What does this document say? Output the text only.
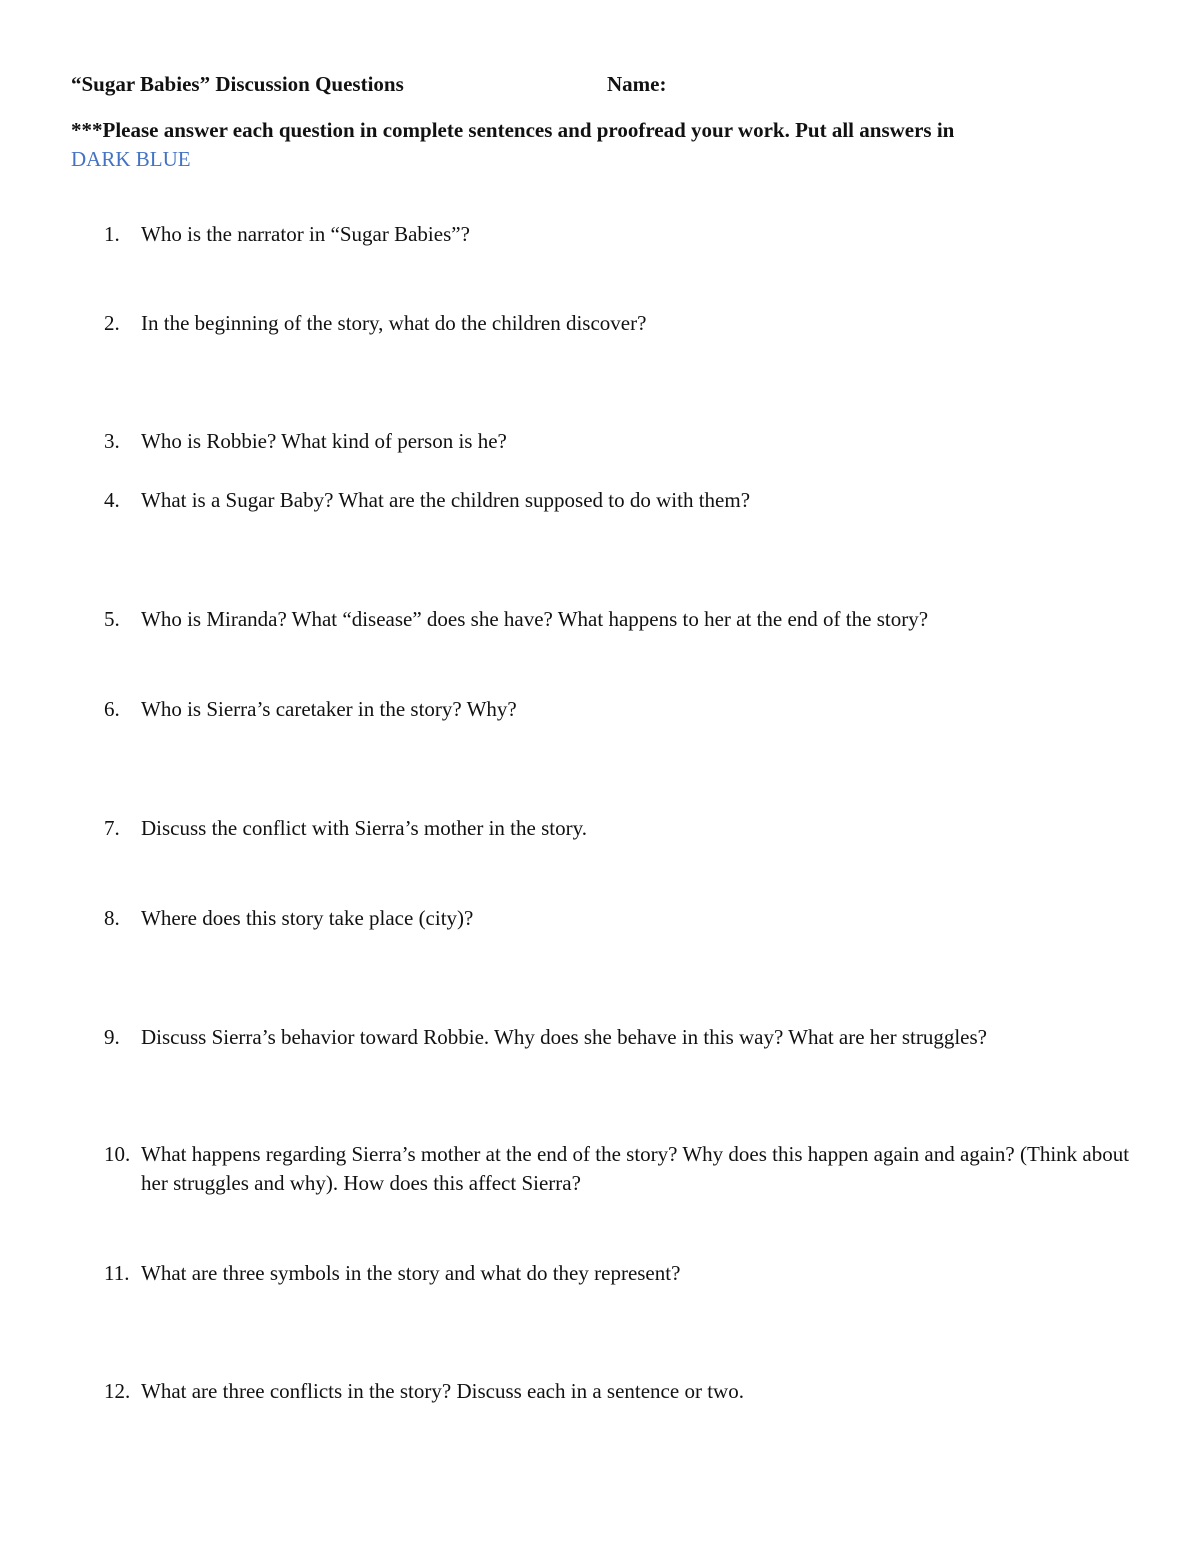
“Sugar Babies” Discussion Questions	Name:
***Please answer each question in complete sentences and proofread your work. Put all answers in
DARK BLUE
1.	Who is the narrator in “Sugar Babies”?
2.	In the beginning of the story, what do the children discover?
3.	Who is Robbie? What kind of person is he?
4.	What is a Sugar Baby? What are the children supposed to do with them?
5.	Who is Miranda? What “disease” does she have? What happens to her at the end of the story?
6.	Who is Sierra’s caretaker in the story? Why?
7.	Discuss the conflict with Sierra’s mother in the story.
8.	Where does this story take place (city)?
9.	Discuss Sierra’s behavior toward Robbie. Why does she behave in this way? What are her struggles?
10. What happens regarding Sierra’s mother at the end of the story? Why does this happen again and again? (Think about her struggles and why). How does this affect Sierra?
11. What are three symbols in the story and what do they represent?
12. What are three conflicts in the story? Discuss each in a sentence or two.
